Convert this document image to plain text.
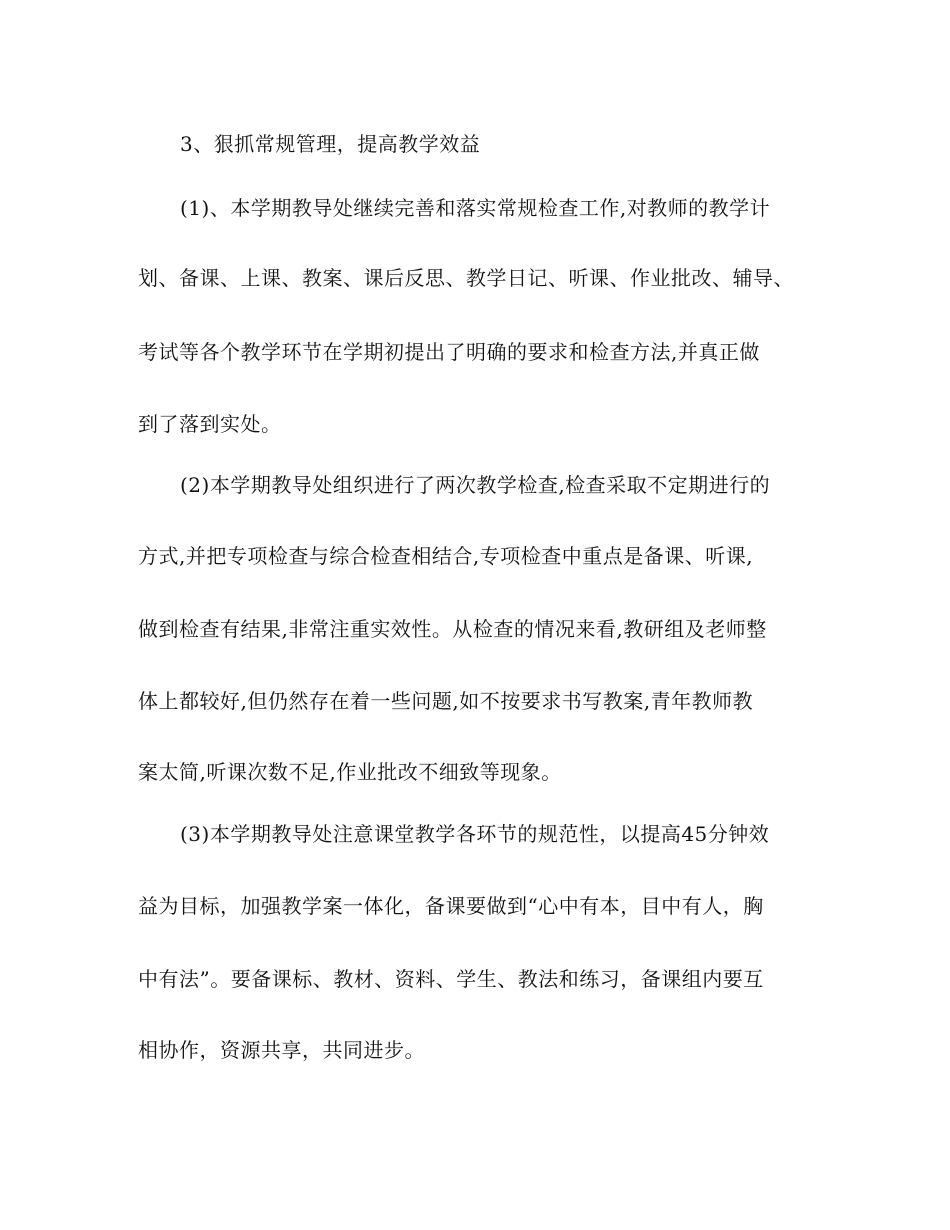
3、狠抓常规管理，提高教学效益
(1)、本学期教导处继续完善和落实常规检查工作,对教师的教学计
划、备课、上课、教案、课后反思、教学日记、听课、作业批改、辅导、
考试等各个教学环节在学期初提出了明确的要求和检查方法,并真正做
到了落到实处。
(2)本学期教导处组织进行了两次教学检查,检查采取不定期进行的
方式,并把专项检查与综合检查相结合,专项检查中重点是备课、听课,
做到检查有结果,非常注重实效性。从检查的情况来看,教研组及老师整
体上都较好,但仍然存在着一些问题,如不按要求书写教案,青年教师教
案太简,听课次数不足,作业批改不细致等现象。
(3)本学期教导处注意课堂教学各环节的规范性，以提高45分钟效
益为目标，加强教学案一体化，备课要做到“心中有本，目中有人，胸
中有法”。要备课标、教材、资料、学生、教法和练习，备课组内要互
相协作，资源共享，共同进步。
